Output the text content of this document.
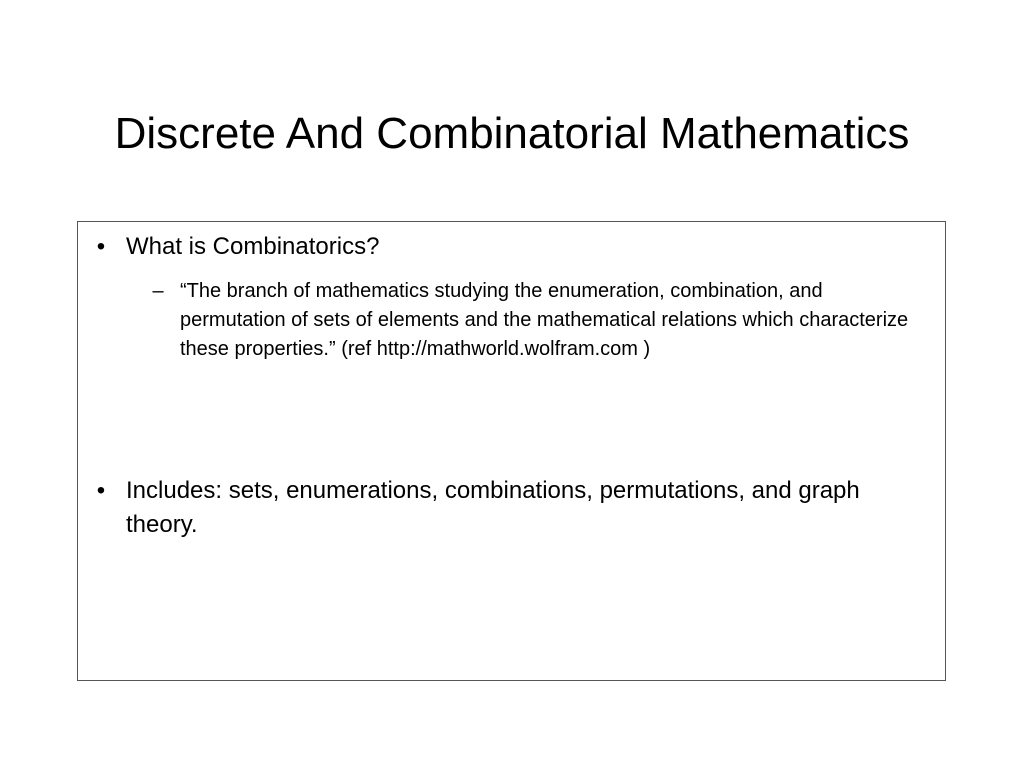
Discrete And Combinatorial Mathematics
• What is Combinatorics?
– “The branch of mathematics studying the enumeration, combination, and permutation of sets of elements and the mathematical relations which characterize these properties.” (ref http://mathworld.wolfram.com )
• Includes: sets, enumerations, combinations, permutations, and graph theory.
